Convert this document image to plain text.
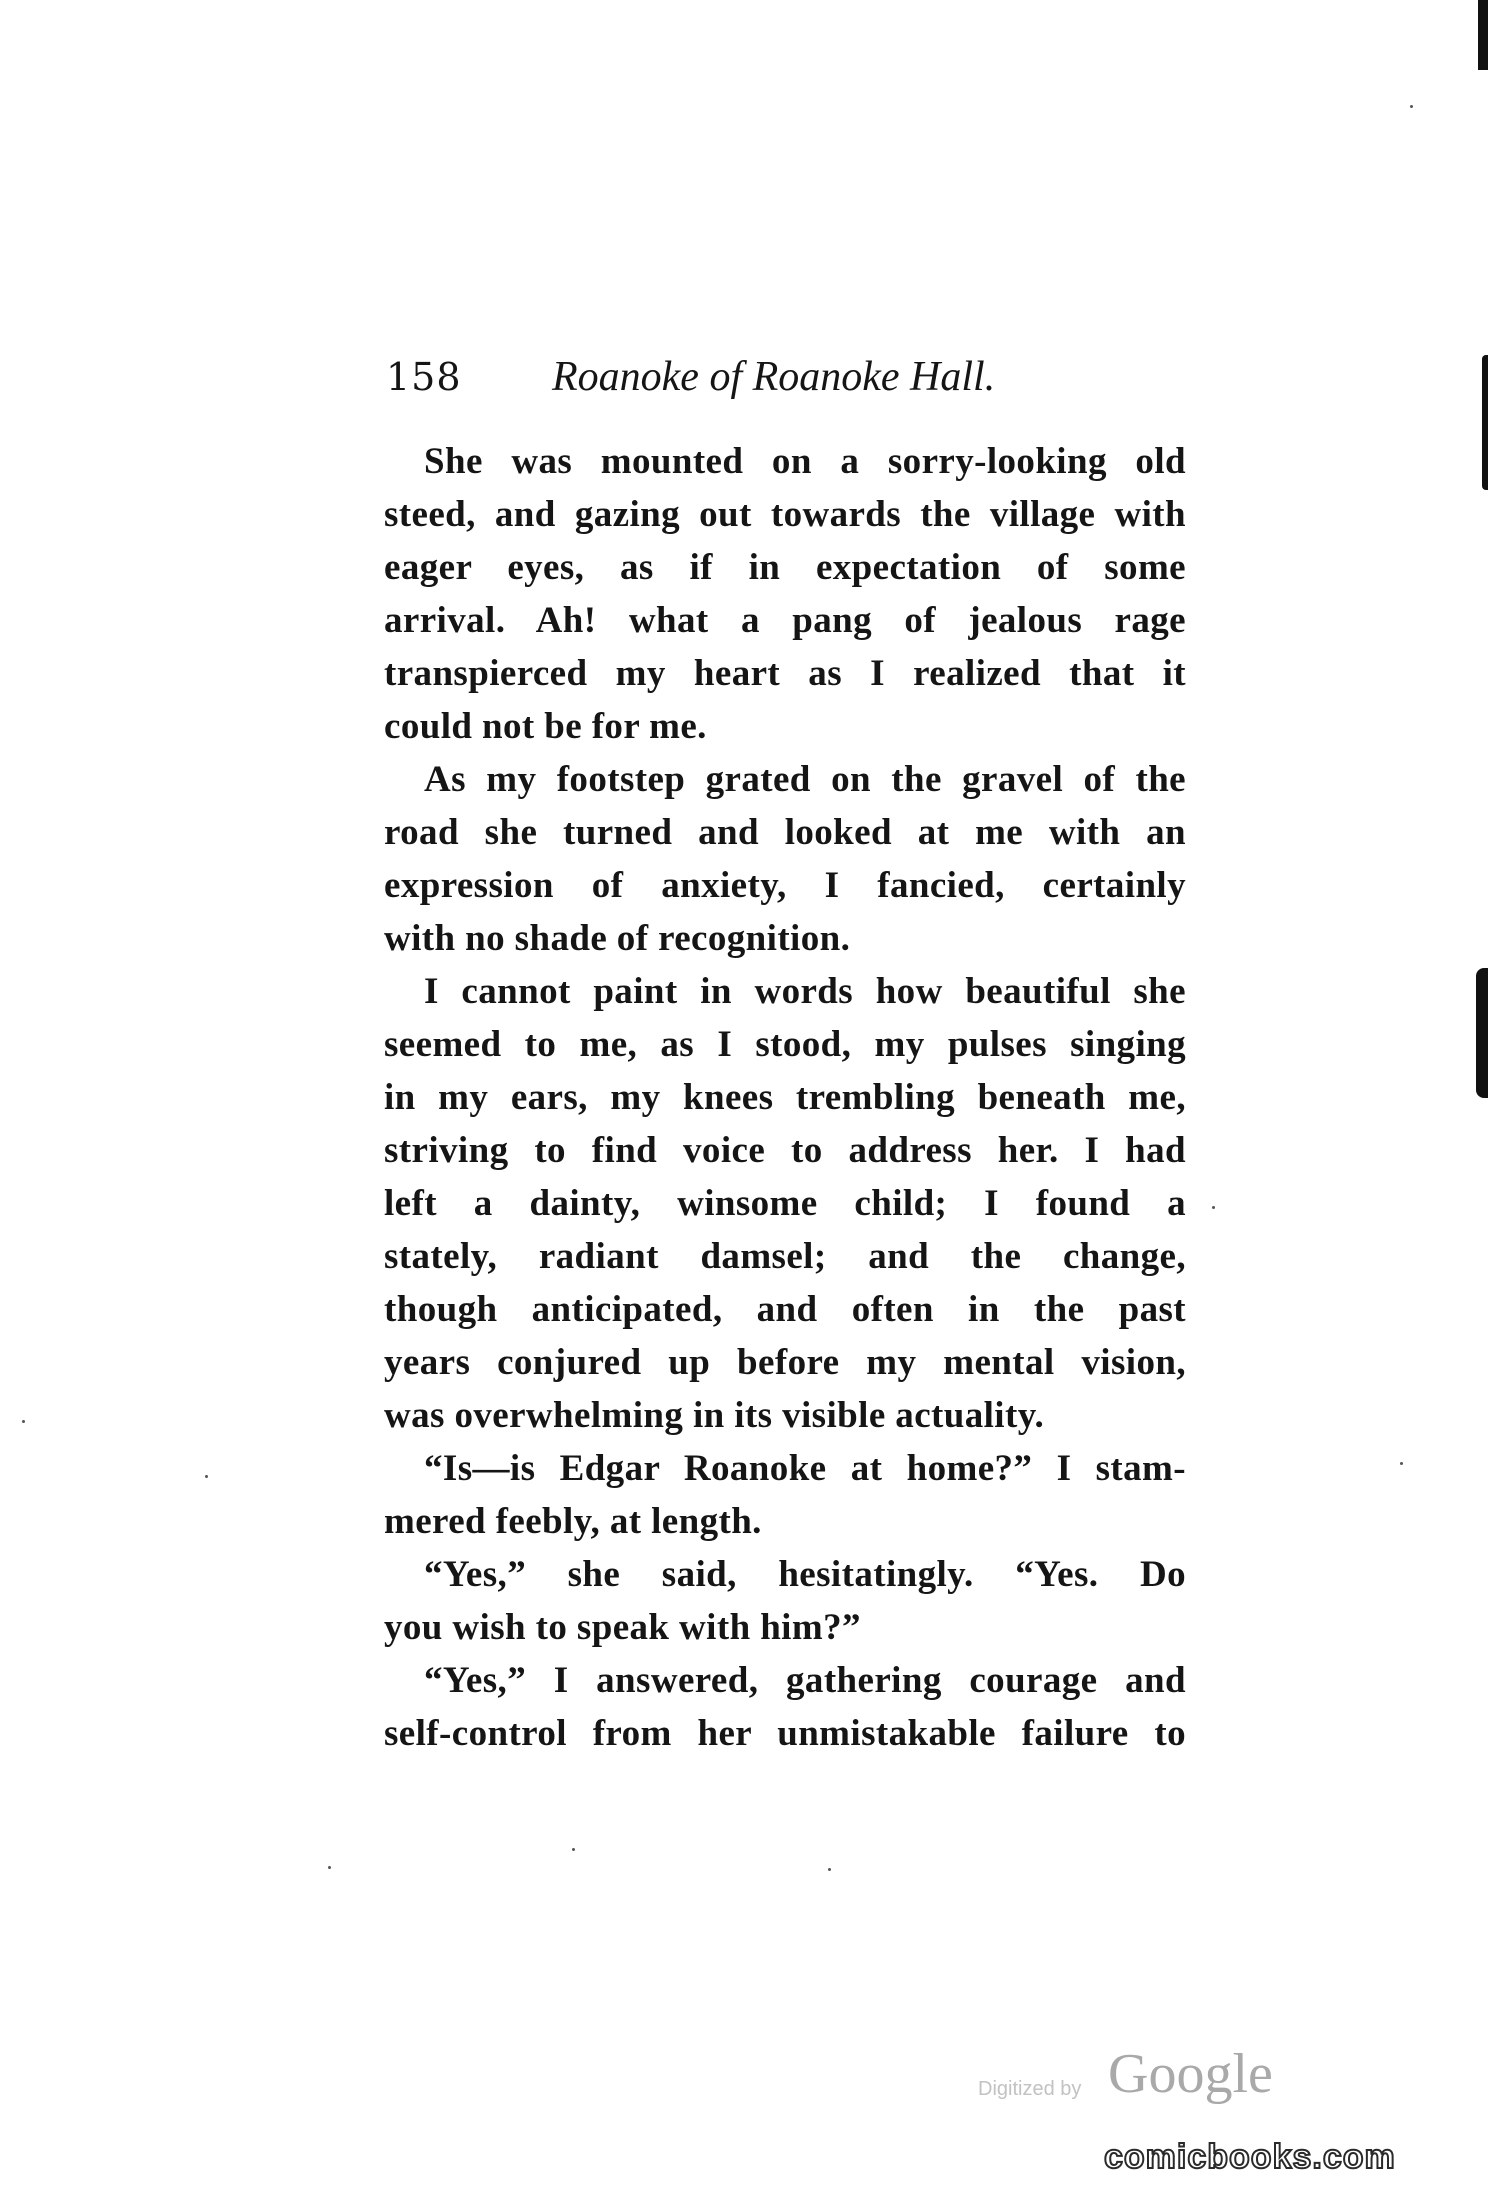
158 Roanoke of Roanoke Hall.
She was mounted on a sorry-looking old
steed, and gazing out towards the village with
eager eyes, as if in expectation of some
arrival. Ah! what a pang of jealous rage
transpierced my heart as I realized that it
could not be for me.
As my footstep grated on the gravel of the
road she turned and looked at me with an
expression of anxiety, I fancied, certainly
with no shade of recognition.
I cannot paint in words how beautiful she
seemed to me, as I stood, my pulses singing
in my ears, my knees trembling beneath me,
striving to find voice to address her. I had
left a dainty, winsome child; I found a
stately, radiant damsel; and the change,
though anticipated, and often in the past
years conjured up before my mental vision,
was overwhelming in its visible actuality.
“Is—is Edgar Roanoke at home?” I stam-
mered feebly, at length.
“Yes,” she said, hesitatingly. “Yes. Do
you wish to speak with him?”
“Yes,” I answered, gathering courage and
self-control from her unmistakable failure to
Digitized by Google
comicbooks.com
